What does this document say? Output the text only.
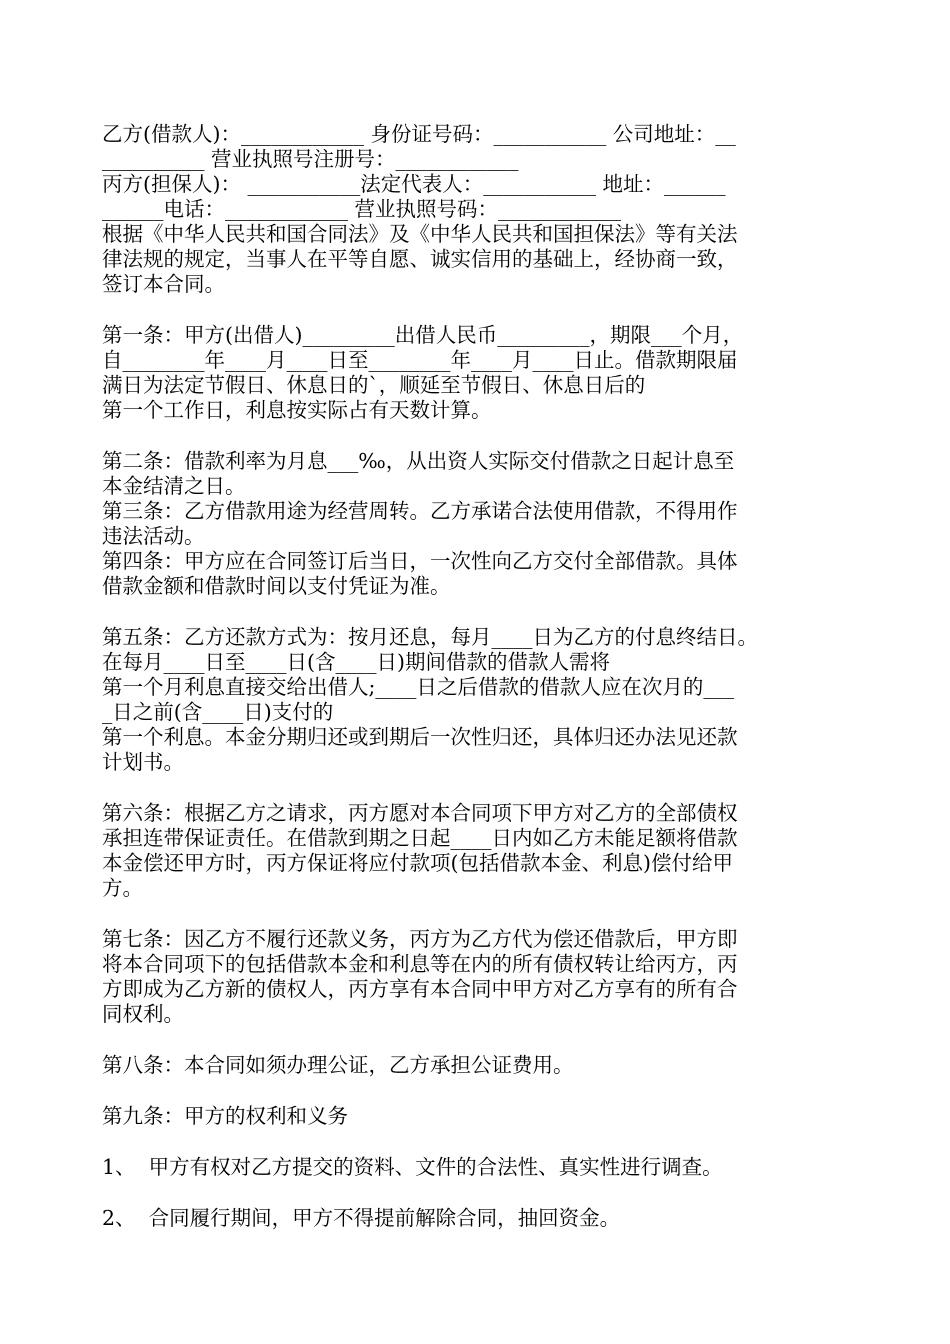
乙方(借款人)：____________ 身份证号码：___________ 公司地址：__
__________ 营业执照号注册号：____________
丙方(担保人)： ___________法定代表人：___________ 地址：______
______电话：____________ 营业执照号码：____________
根据《中华人民共和国合同法》及《中华人民共和国担保法》等有关法
律法规的规定，当事人在平等自愿、诚实信用的基础上，经协商一致，
签订本合同。
第一条：甲方(出借人)_________出借人民币_________，期限___个月，
自________年____月____日至________年____月____日止。借款期限届
满日为法定节假日、休息日的`，顺延至节假日、休息日后的
第一个工作日，利息按实际占有天数计算。
第二条：借款利率为月息___‰，从出资人实际交付借款之日起计息至
本金结清之日。
第三条：乙方借款用途为经营周转。乙方承诺合法使用借款，不得用作
违法活动。
第四条：甲方应在合同签订后当日，一次性向乙方交付全部借款。具体
借款金额和借款时间以支付凭证为准。
第五条：乙方还款方式为：按月还息，每月____日为乙方的付息终结日。
在每月____日至____日(含____日)期间借款的借款人需将
第一个月利息直接交给出借人;____日之后借款的借款人应在次月的___
_日之前(含____日)支付的
第一个利息。本金分期归还或到期后一次性归还，具体归还办法见还款
计划书。
第六条：根据乙方之请求，丙方愿对本合同项下甲方对乙方的全部债权
承担连带保证责任。在借款到期之日起____日内如乙方未能足额将借款
本金偿还甲方时，丙方保证将应付款项(包括借款本金、利息)偿付给甲
方。
第七条：因乙方不履行还款义务，丙方为乙方代为偿还借款后，甲方即
将本合同项下的包括借款本金和利息等在内的所有债权转让给丙方，丙
方即成为乙方新的债权人，丙方享有本合同中甲方对乙方享有的所有合
同权利。
第八条：本合同如须办理公证，乙方承担公证费用。
第九条：甲方的权利和义务
1、  甲方有权对乙方提交的资料、文件的合法性、真实性进行调查。
2、  合同履行期间，甲方不得提前解除合同，抽回资金。
